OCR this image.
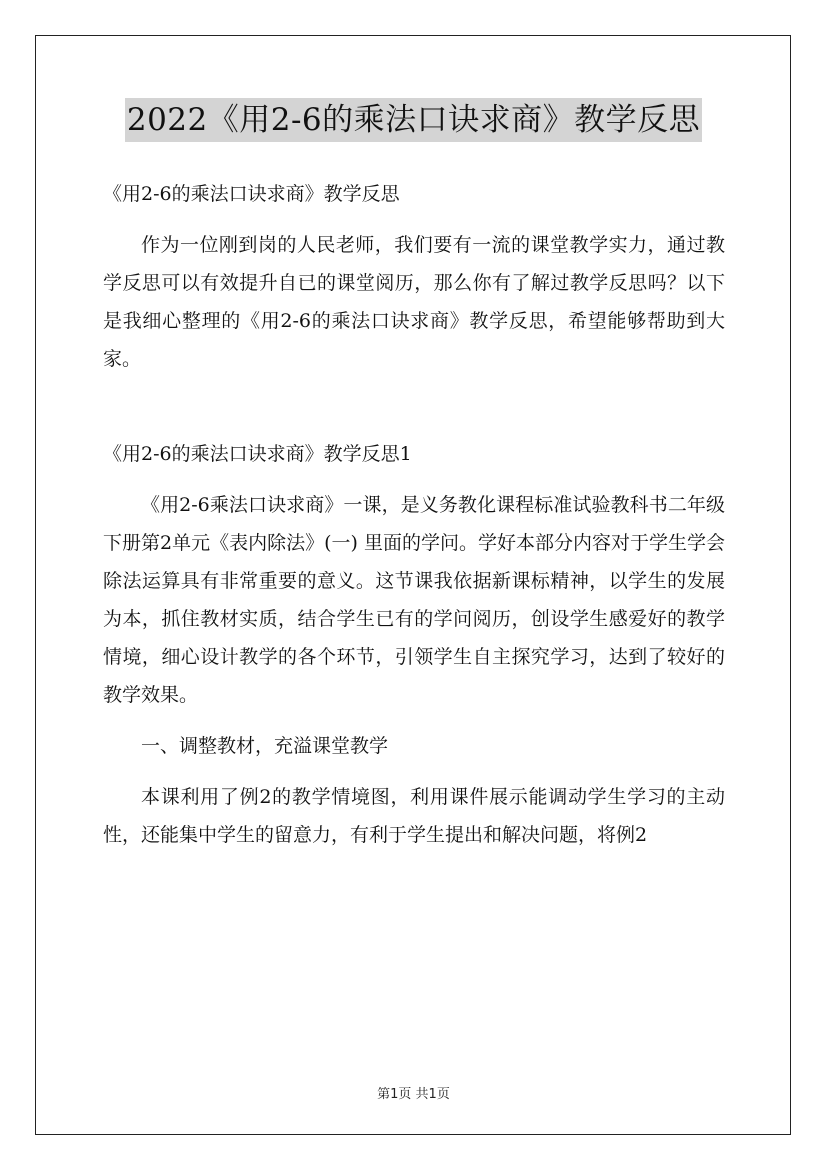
2022《用2-6的乘法口诀求商》教学反思

《用2-6的乘法口诀求商》教学反思

作为一位刚到岗的人民老师，我们要有一流的课堂教学实力，通过教学反思可以有效提升自已的课堂阅历，那么你有了解过教学反思吗？以下是我细心整理的《用2-6的乘法口诀求商》教学反思，希望能够帮助到大家。

《用2-6的乘法口诀求商》教学反思1

《用2-6乘法口诀求商》一课，是义务教化课程标准试验教科书二年级下册第2单元《表内除法》(一) 里面的学问。学好本部分内容对于学生学会除法运算具有非常重要的意义。这节课我依据新课标精神，以学生的发展为本，抓住教材实质，结合学生已有的学问阅历，创设学生感爱好的教学情境，细心设计教学的各个环节，引领学生自主探究学习，达到了较好的教学效果。

一、调整教材，充溢课堂教学

本课利用了例2的教学情境图，利用课件展示能调动学生学习的主动性，还能集中学生的留意力，有利于学生提出和解决问题，将例2

第1页 共1页
